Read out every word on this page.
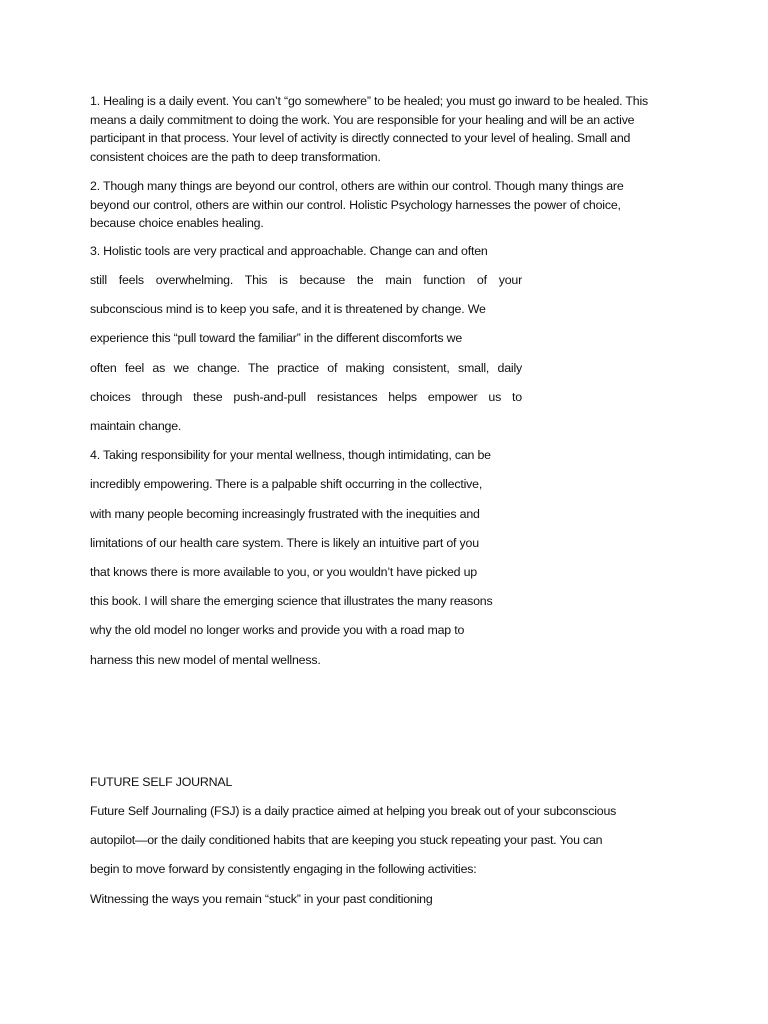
1. Healing is a daily event. You can’t “go somewhere” to be healed; you must go inward to be healed. This means a daily commitment to doing the work. You are responsible for your healing and will be an active participant in that process. Your level of activity is directly connected to your level of healing. Small and consistent choices are the path to deep transformation.

2. Though many things are beyond our control, others are within our control. Though many things are beyond our control, others are within our control. Holistic Psychology harnesses the power of choice, because choice enables healing.

3. Holistic tools are very practical and approachable. Change can and often
still feels overwhelming. This is because the main function of your
subconscious mind is to keep you safe, and it is threatened by change. We
experience this “pull toward the familiar” in the different discomforts we
often feel as we change. The practice of making consistent, small, daily
choices through these push-and-pull resistances helps empower us to
maintain change.
4. Taking responsibility for your mental wellness, though intimidating, can be
incredibly empowering. There is a palpable shift occurring in the collective,
with many people becoming increasingly frustrated with the inequities and
limitations of our health care system. There is likely an intuitive part of you
that knows there is more available to you, or you wouldn’t have picked up
this book. I will share the emerging science that illustrates the many reasons
why the old model no longer works and provide you with a road map to
harness this new model of mental wellness.
FUTURE SELF JOURNAL
Future Self Journaling (FSJ) is a daily practice aimed at helping you break out of your subconscious
autopilot—or the daily conditioned habits that are keeping you stuck repeating your past. You can
begin to move forward by consistently engaging in the following activities:
Witnessing the ways you remain “stuck” in your past conditioning
